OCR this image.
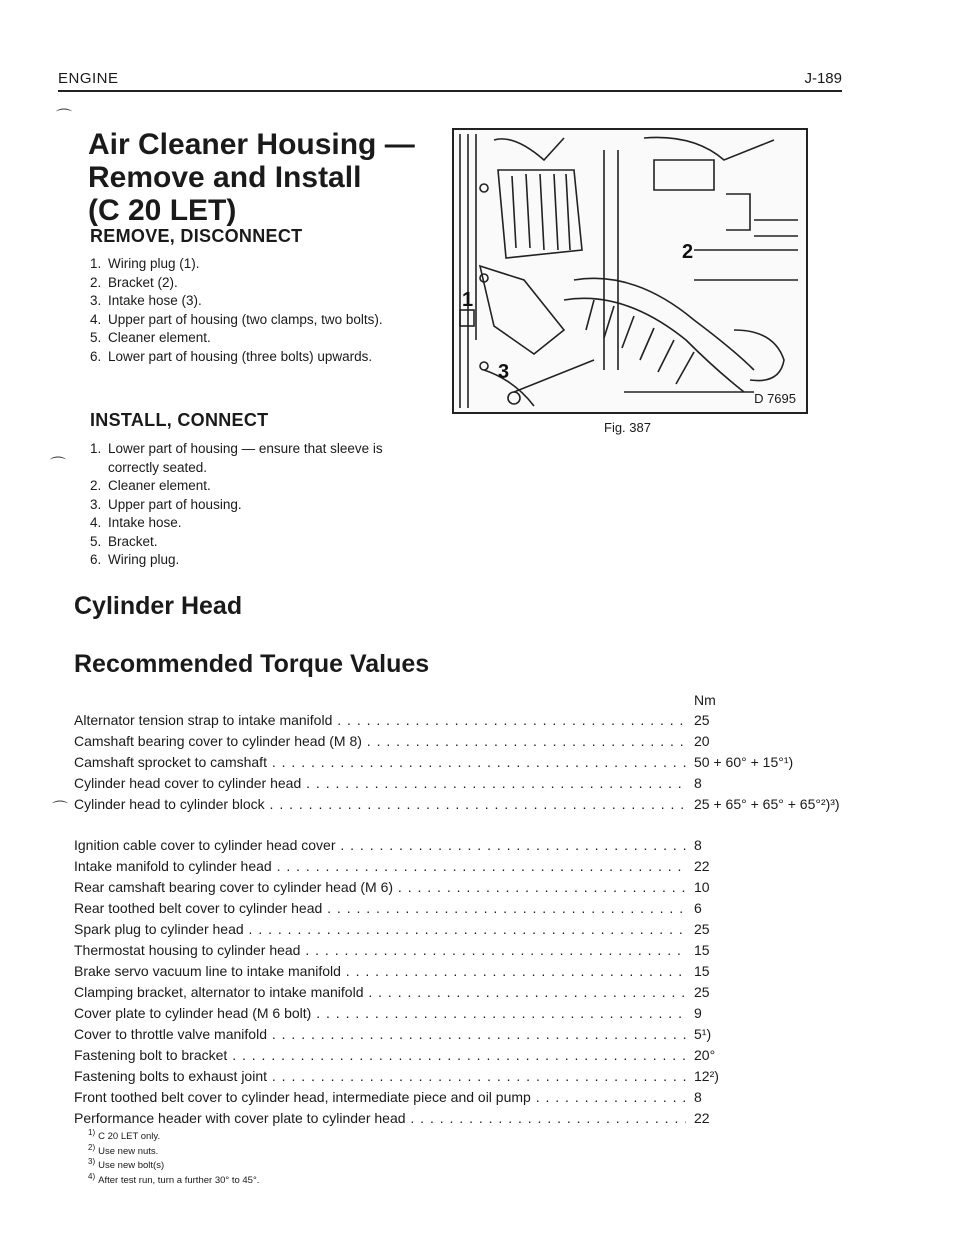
ENGINE	J-189
⌒
⌒
⌒
Air Cleaner Housing —
Remove and Install
(C 20 LET)
REMOVE, DISCONNECT
1. Wiring plug (1).
2. Bracket (2).
3. Intake hose (3).
4. Upper part of housing (two clamps, two bolts).
5. Cleaner element.
6. Lower part of housing (three bolts) upwards.
INSTALL, CONNECT
1. Lower part of housing — ensure that sleeve is correctly seated.
2. Cleaner element.
3. Upper part of housing.
4. Intake hose.
5. Bracket.
6. Wiring plug.
1
2
3
D 7695
Fig. 387
Cylinder Head
Recommended Torque Values
Nm
Alternator tension strap to intake manifold . . .	25
Camshaft bearing cover to cylinder head (M 8) . . .	20
Camshaft sprocket to camshaft . . .	50 + 60° + 15°¹)
Cylinder head cover to cylinder head . . .	8
Cylinder head to cylinder block . . .	25 + 65° + 65° + 65°²)³)
Ignition cable cover to cylinder head cover . . .	8
Intake manifold to cylinder head . . .	22
Rear camshaft bearing cover to cylinder head (M 6) . . .	10
Rear toothed belt cover to cylinder head . . .	6
Spark plug to cylinder head . . .	25
Thermostat housing to cylinder head . . .	15
Brake servo vacuum line to intake manifold . . .	15
Clamping bracket, alternator to intake manifold . . .	25
Cover plate to cylinder head (M 6 bolt) . . .	9
Cover to throttle valve manifold . . .	5¹)
Fastening bolt to bracket . . .	20°
Fastening bolts to exhaust joint . . .	12²)
Front toothed belt cover to cylinder head, intermediate piece and oil pump . . .	8
Performance header with cover plate to cylinder head . . .	22
$^{1)}$ C 20 LET only.
$^{2)}$ Use new nuts.
$^{3)}$ Use new bolt(s)
$^{4)}$ After test run, turn a further 30° to 45°.
